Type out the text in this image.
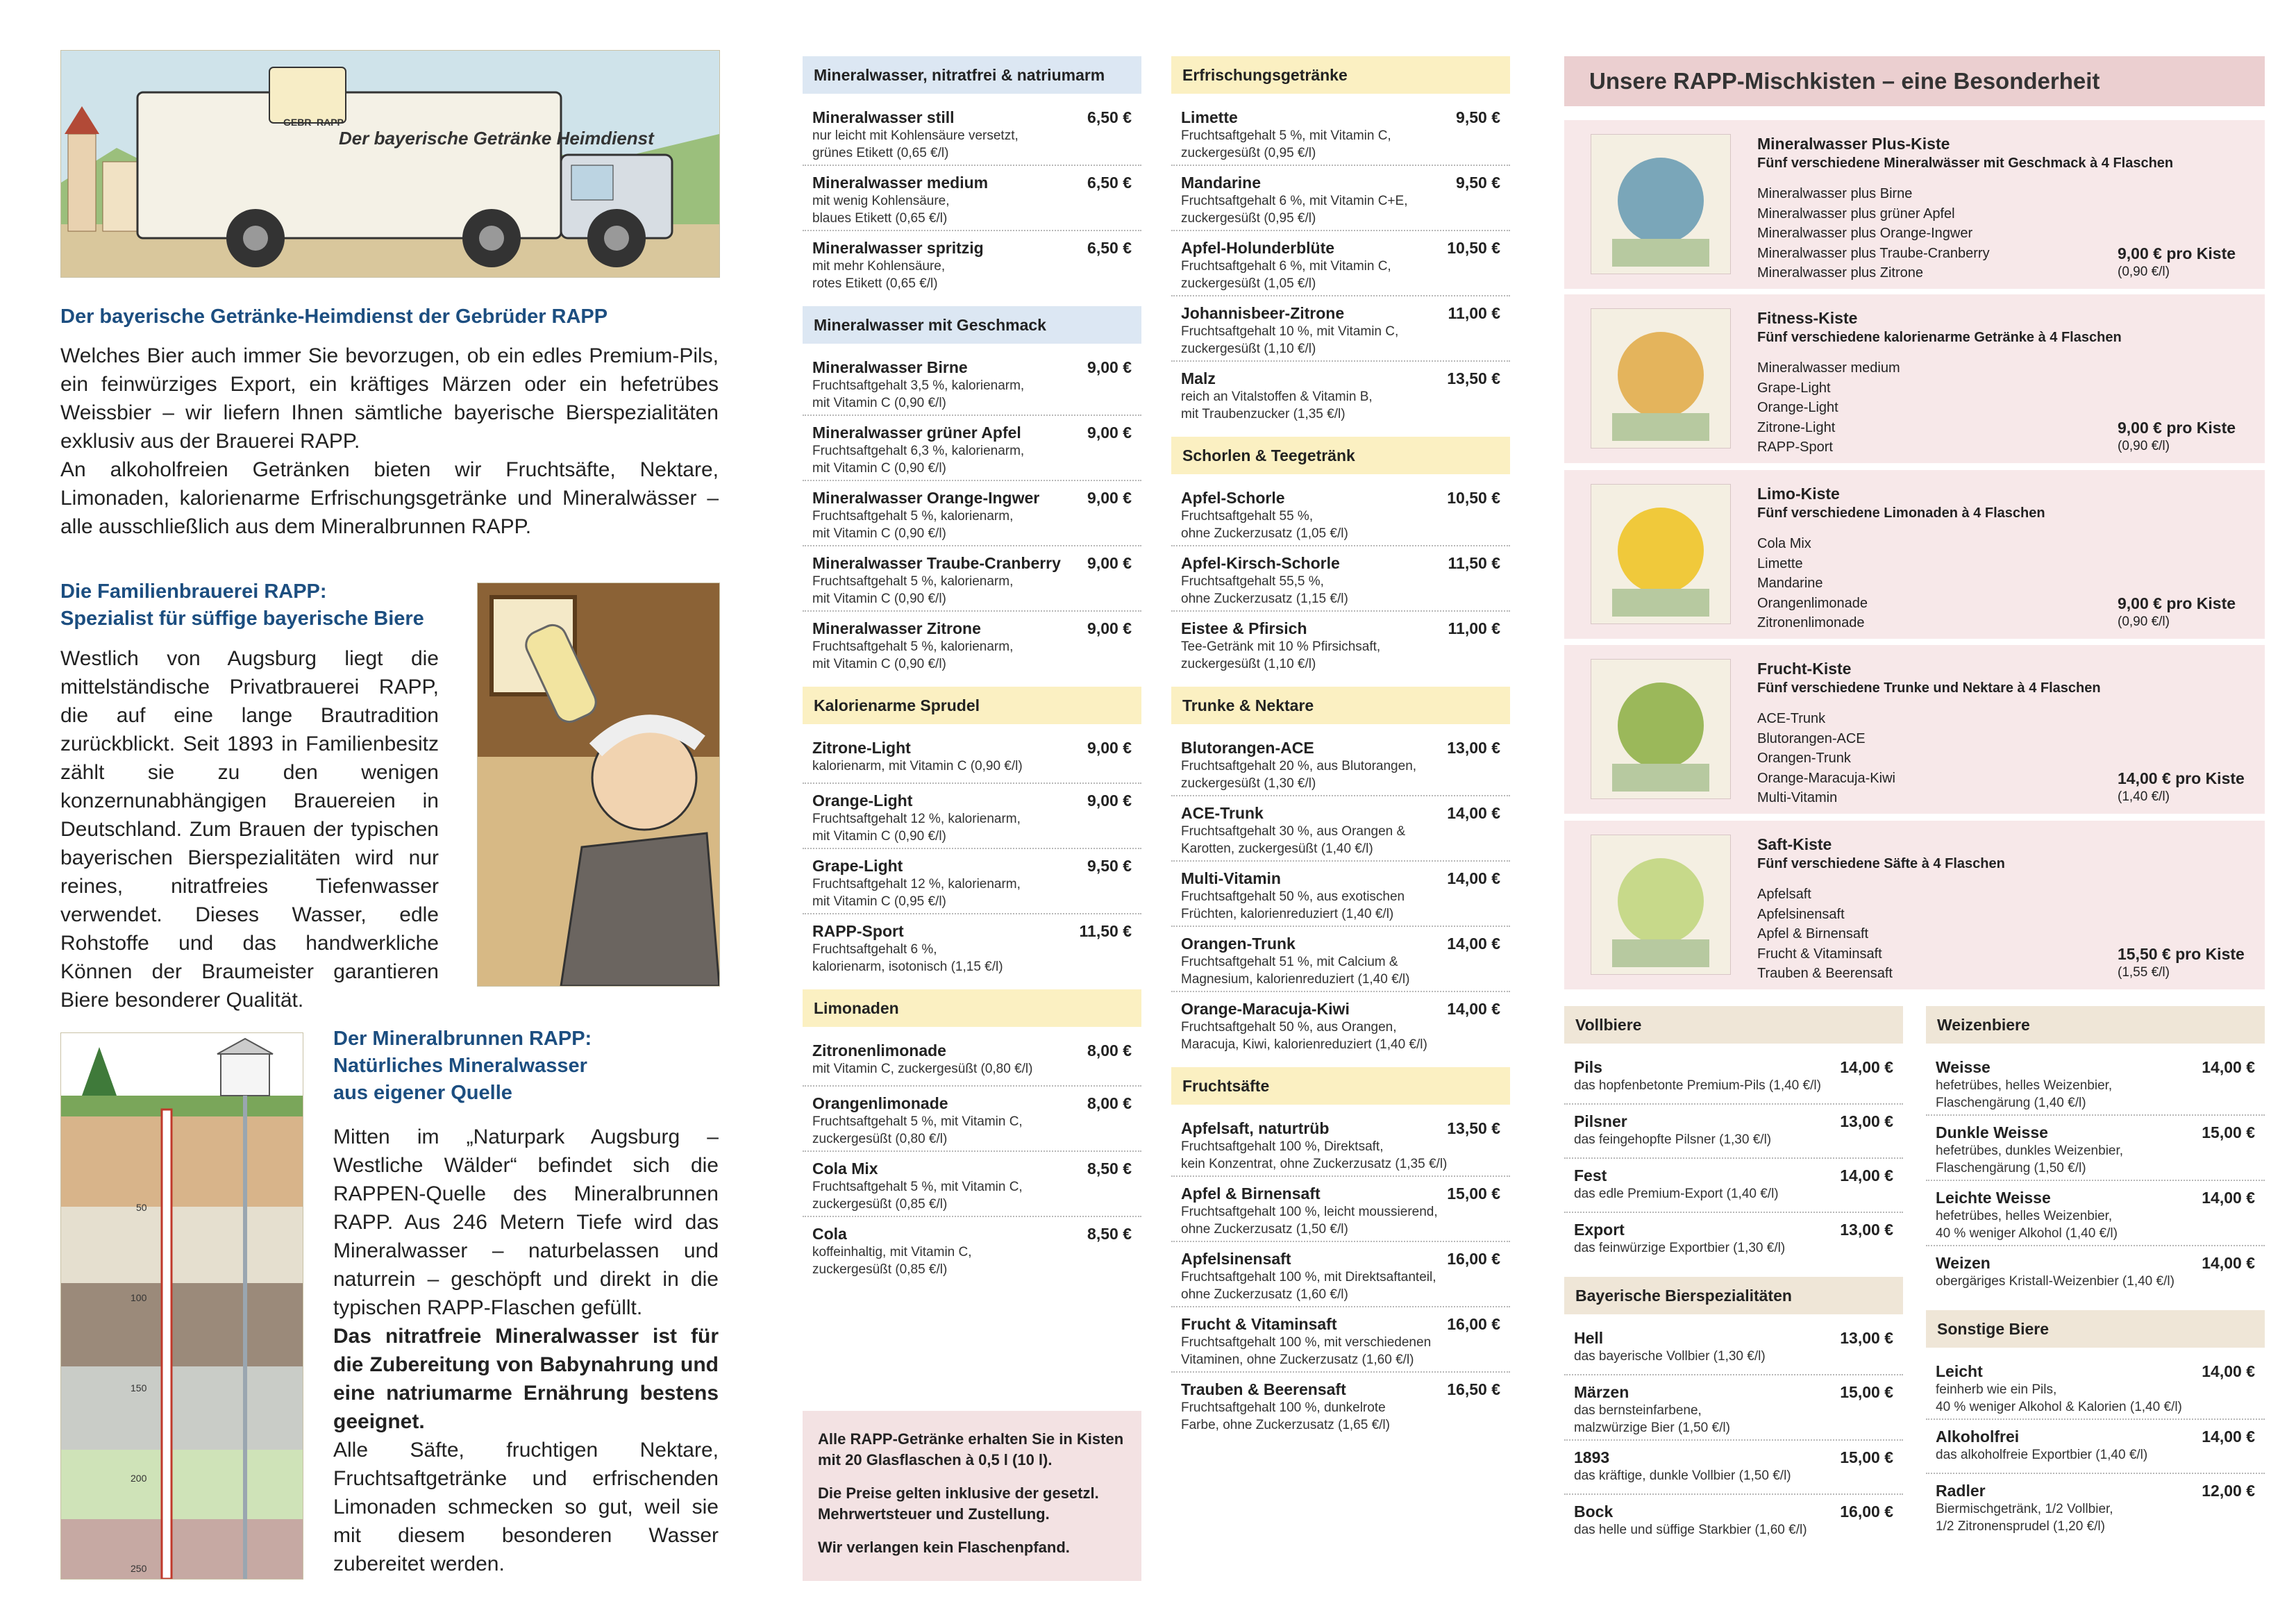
GEBR RAPP
Der bayerische Getränke Heimdienst
Der bayerische Getränke-Heimdienst der Gebrüder RAPP

Welches Bier auch immer Sie bevorzugen, ob ein edles Premium-Pils, ein feinwürziges Export, ein kräftiges Märzen oder ein hefetrübes Weissbier – wir liefern Ihnen sämtliche bayerische Bierspezialitäten exklusiv aus der Brauerei RAPP.

An alkoholfreien Getränken bieten wir Fruchtsäfte, Nektare, Limonaden, kalorienarme Erfrischungsgetränke und Mineralwässer – alle ausschließlich aus dem Mineralbrunnen RAPP.

Die Familienbrauerei RAPP:
Spezialist für süffige bayerische Biere

Westlich von Augsburg liegt die mittelständische Privatbrauerei RAPP, die auf eine lange Brautradition zurückblickt. Seit 1893 in Familienbesitz zählt sie zu den wenigen konzernunabhängigen Brauereien in Deutschland. Zum Brauen der typischen bayerischen Bierspezialitäten wird nur reines, nitratfreies Tiefenwasser verwendet. Dieses Wasser, edle Rohstoffe und das handwerkliche Können der Braumeister garantieren Biere besonderer Qualität.

50
100
150
200
250
Der Mineralbrunnen RAPP:
Natürliches Mineralwasser
aus eigener Quelle

Mitten im „Naturpark Augsburg – Westliche Wälder“ befindet sich die RAPPEN-Quelle des Mineralbrunnen RAPP. Aus 246 Metern Tiefe wird das Mineralwasser – naturbelassen und naturrein – geschöpft und direkt in die typischen RAPP-Flaschen gefüllt.

Das nitratfreie Mineralwasser ist für die Zubereitung von Babynahrung und eine natriumarme Ernährung bestens geeignet.

Alle Säfte, fruchtigen Nektare, Fruchtsaftgetränke und erfrischenden Limonaden schmecken so gut, weil sie mit diesem besonderen Wasser zubereitet werden.

Mineralwasser, nitratfrei & natriumarm
Mineralwasser still	6,50 €
nur leicht mit Kohlensäure versetzt,
grünes Etikett (0,65 €/l)
Mineralwasser medium	6,50 €
mit wenig Kohlensäure,
blaues Etikett (0,65 €/l)
Mineralwasser spritzig	6,50 €
mit mehr Kohlensäure,
rotes Etikett (0,65 €/l)
Mineralwasser mit Geschmack
Mineralwasser Birne	9,00 €
Fruchtsaftgehalt 3,5 %, kalorienarm,
mit Vitamin C (0,90 €/l)
Mineralwasser grüner Apfel	9,00 €
Fruchtsaftgehalt 6,3 %, kalorienarm,
mit Vitamin C (0,90 €/l)
Mineralwasser Orange-Ingwer	9,00 €
Fruchtsaftgehalt 5 %, kalorienarm,
mit Vitamin C (0,90 €/l)
Mineralwasser Traube-Cranberry	9,00 €
Fruchtsaftgehalt 5 %, kalorienarm,
mit Vitamin C (0,90 €/l)
Mineralwasser Zitrone	9,00 €
Fruchtsaftgehalt 5 %, kalorienarm,
mit Vitamin C (0,90 €/l)
Kalorienarme Sprudel
Zitrone-Light	9,00 €
kalorienarm, mit Vitamin C (0,90 €/l)
Orange-Light	9,00 €
Fruchtsaftgehalt 12 %, kalorienarm,
mit Vitamin C (0,90 €/l)
Grape-Light	9,50 €
Fruchtsaftgehalt 12 %, kalorienarm,
mit Vitamin C (0,95 €/l)
RAPP-Sport	11,50 €
Fruchtsaftgehalt 6 %,
kalorienarm, isotonisch (1,15 €/l)
Limonaden
Zitronenlimonade	8,00 €
mit Vitamin C, zuckergesüßt (0,80 €/l)
Orangenlimonade	8,00 €
Fruchtsaftgehalt 5 %, mit Vitamin C,
zuckergesüßt (0,80 €/l)
Cola Mix	8,50 €
Fruchtsaftgehalt 5 %, mit Vitamin C,
zuckergesüßt (0,85 €/l)
Cola	8,50 €
koffeinhaltig, mit Vitamin C,
zuckergesüßt (0,85 €/l)
Erfrischungsgetränke
Limette	9,50 €
Fruchtsaftgehalt 5 %, mit Vitamin C,
zuckergesüßt (0,95 €/l)
Mandarine	9,50 €
Fruchtsaftgehalt 6 %, mit Vitamin C+E,
zuckergesüßt (0,95 €/l)
Apfel-Holunderblüte	10,50 €
Fruchtsaftgehalt 6 %, mit Vitamin C,
zuckergesüßt (1,05 €/l)
Johannisbeer-Zitrone	11,00 €
Fruchtsaftgehalt 10 %, mit Vitamin C,
zuckergesüßt (1,10 €/l)
Malz	13,50 €
reich an Vitalstoffen & Vitamin B,
mit Traubenzucker (1,35 €/l)
Schorlen & Teegetränk
Apfel-Schorle	10,50 €
Fruchtsaftgehalt 55 %,
ohne Zuckerzusatz (1,05 €/l)
Apfel-Kirsch-Schorle	11,50 €
Fruchtsaftgehalt 55,5 %,
ohne Zuckerzusatz (1,15 €/l)
Eistee & Pfirsich	11,00 €
Tee-Getränk mit 10 % Pfirsichsaft,
zuckergesüßt (1,10 €/l)
Trunke & Nektare
Blutorangen-ACE	13,00 €
Fruchtsaftgehalt 20 %, aus Blutorangen,
zuckergesüßt (1,30 €/l)
ACE-Trunk	14,00 €
Fruchtsaftgehalt 30 %, aus Orangen &
Karotten, zuckergesüßt (1,40 €/l)
Multi-Vitamin	14,00 €
Fruchtsaftgehalt 50 %, aus exotischen
Früchten, kalorienreduziert (1,40 €/l)
Orangen-Trunk	14,00 €
Fruchtsaftgehalt 51 %, mit Calcium &
Magnesium, kalorienreduziert (1,40 €/l)
Orange-Maracuja-Kiwi	14,00 €
Fruchtsaftgehalt 50 %, aus Orangen,
Maracuja, Kiwi, kalorienreduziert (1,40 €/l)
Fruchtsäfte
Apfelsaft, naturtrüb	13,50 €
Fruchtsaftgehalt 100 %, Direktsaft,
kein Konzentrat, ohne Zuckerzusatz (1,35 €/l)
Apfel & Birnensaft	15,00 €
Fruchtsaftgehalt 100 %, leicht moussierend,
ohne Zuckerzusatz (1,50 €/l)
Apfelsinensaft	16,00 €
Fruchtsaftgehalt 100 %, mit Direktsaftanteil,
ohne Zuckerzusatz (1,60 €/l)
Frucht & Vitaminsaft	16,00 €
Fruchtsaftgehalt 100 %, mit verschiedenen
Vitaminen, ohne Zuckerzusatz (1,60 €/l)
Trauben & Beerensaft	16,50 €
Fruchtsaftgehalt 100 %, dunkelrote
Farbe, ohne Zuckerzusatz (1,65 €/l)

Alle RAPP-Getränke erhalten Sie in Kisten mit 20 Glasflaschen à 0,5 l (10 l).

Die Preise gelten inklusive der gesetzl. Mehrwertsteuer und Zustellung.

Wir verlangen kein Flaschenpfand.

Unsere RAPP-Mischkisten – eine Besonderheit
Mineralwasser Plus-Kiste
Fünf verschiedene Mineralwässer mit Geschmack à 4 Flaschen
Mineralwasser plus Birne
Mineralwasser plus grüner Apfel
Mineralwasser plus Orange-Ingwer
Mineralwasser plus Traube-Cranberry
Mineralwasser plus Zitrone
9,00 € pro Kiste
(0,90 €/l)
Fitness-Kiste
Fünf verschiedene kalorienarme Getränke à 4 Flaschen
Mineralwasser medium
Grape-Light
Orange-Light
Zitrone-Light
RAPP-Sport
9,00 € pro Kiste
(0,90 €/l)
Limo-Kiste
Fünf verschiedene Limonaden à 4 Flaschen
Cola Mix
Limette
Mandarine
Orangenlimonade
Zitronenlimonade
9,00 € pro Kiste
(0,90 €/l)
Frucht-Kiste
Fünf verschiedene Trunke und Nektare à 4 Flaschen
ACE-Trunk
Blutorangen-ACE
Orangen-Trunk
Orange-Maracuja-Kiwi
Multi-Vitamin
14,00 € pro Kiste
(1,40 €/l)
Saft-Kiste
Fünf verschiedene Säfte à 4 Flaschen
Apfelsaft
Apfelsinensaft
Apfel & Birnensaft
Frucht & Vitaminsaft
Trauben & Beerensaft
15,50 € pro Kiste
(1,55 €/l)
Vollbiere
Pils	14,00 €
das hopfenbetonte Premium-Pils (1,40 €/l)
Pilsner	13,00 €
das feingehopfte Pilsner (1,30 €/l)
Fest	14,00 €
das edle Premium-Export (1,40 €/l)
Export	13,00 €
das feinwürzige Exportbier (1,30 €/l)
Bayerische Bierspezialitäten
Hell	13,00 €
das bayerische Vollbier (1,30 €/l)
Märzen	15,00 €
das bernsteinfarbene,
malzwürzige Bier (1,50 €/l)
1893	15,00 €
das kräftige, dunkle Vollbier (1,50 €/l)
Bock	16,00 €
das helle und süffige Starkbier (1,60 €/l)
Weizenbiere
Weisse	14,00 €
hefetrübes, helles Weizenbier,
Flaschengärung (1,40 €/l)
Dunkle Weisse	15,00 €
hefetrübes, dunkles Weizenbier,
Flaschengärung (1,50 €/l)
Leichte Weisse	14,00 €
hefetrübes, helles Weizenbier,
40 % weniger Alkohol (1,40 €/l)
Weizen	14,00 €
obergäriges Kristall-Weizenbier (1,40 €/l)
Sonstige Biere
Leicht	14,00 €
feinherb wie ein Pils,
40 % weniger Alkohol & Kalorien (1,40 €/l)
Alkoholfrei	14,00 €
das alkoholfreie Exportbier (1,40 €/l)
Radler	12,00 €
Biermischgetränk, 1/2 Vollbier,
1/2 Zitronensprudel (1,20 €/l)
